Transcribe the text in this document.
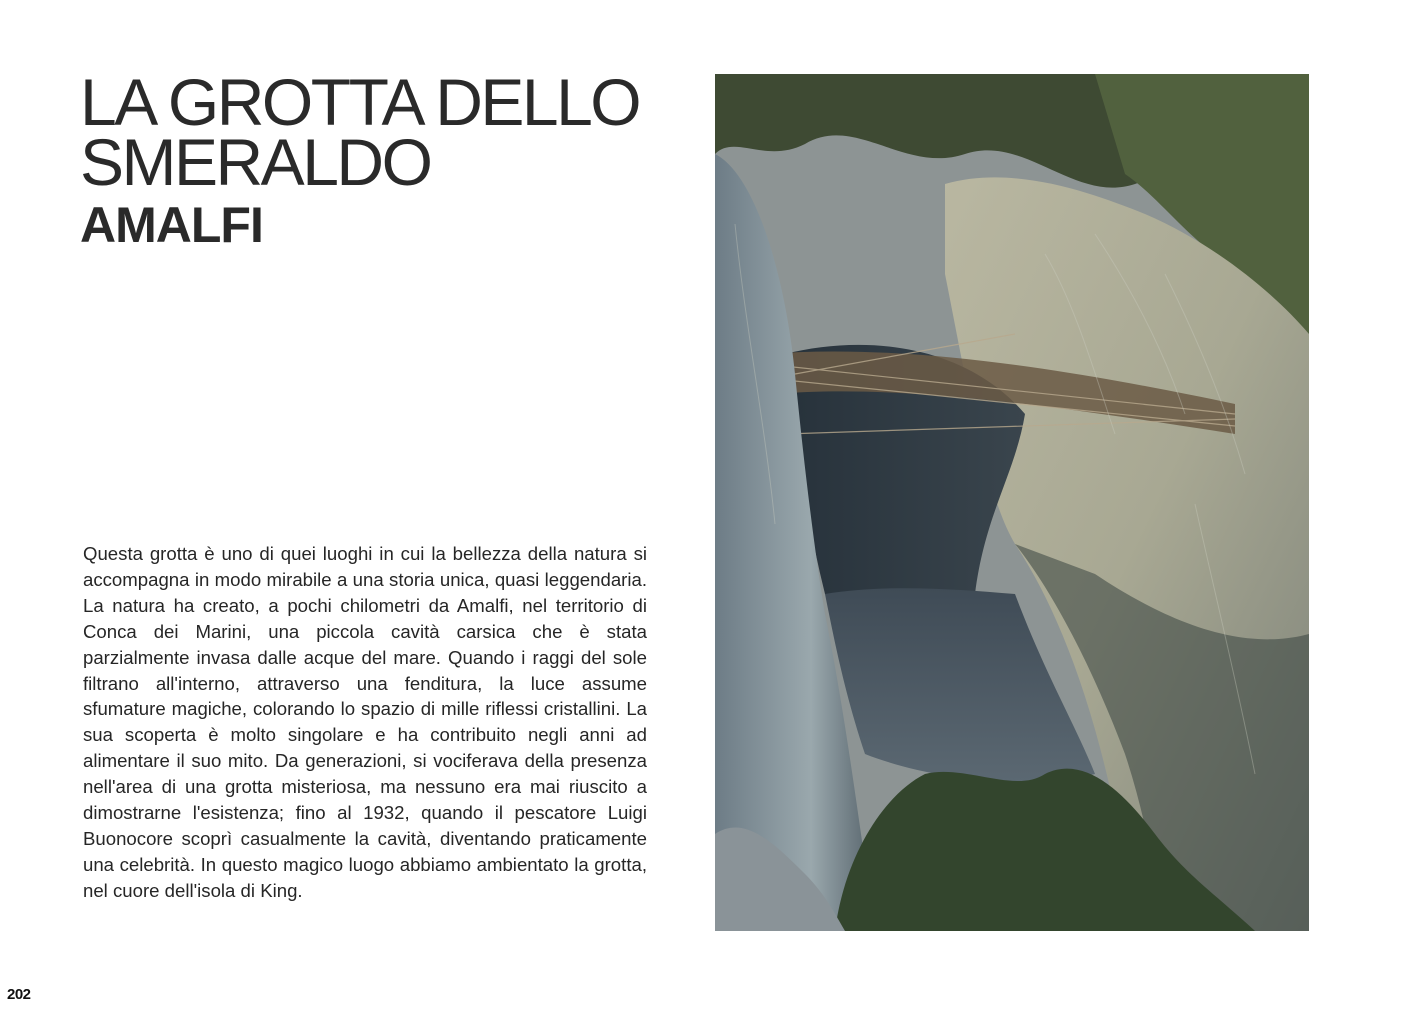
LA GROTTA DELLO
SMERALDO
AMALFI

Questa grotta è uno di quei luoghi in cui la bellezza della natura si accompagna in modo mirabile a una storia unica, quasi leggendaria. La natura ha creato, a pochi chilometri da Amalfi, nel territorio di Conca dei Marini, una piccola cavità carsica che è stata parzialmente invasa dalle acque del mare. Quando i raggi del sole filtrano all'interno, attraverso una fenditura, la luce assume sfumature magiche, colorando lo spazio di mille riflessi cristallini. La sua scoperta è molto singolare e ha contribuito negli anni ad alimentare il suo mito. Da generazioni, si vociferava della presenza nell'area di una grotta misteriosa, ma nessuno era mai riuscito a dimostrarne l'esistenza; fino al 1932, quando il pescatore Luigi Buonocore scoprì casualmente la cavità, diventando praticamente una celebrità. In questo magico luogo abbiamo ambientato la grotta, nel cuore dell'isola di King.

202
